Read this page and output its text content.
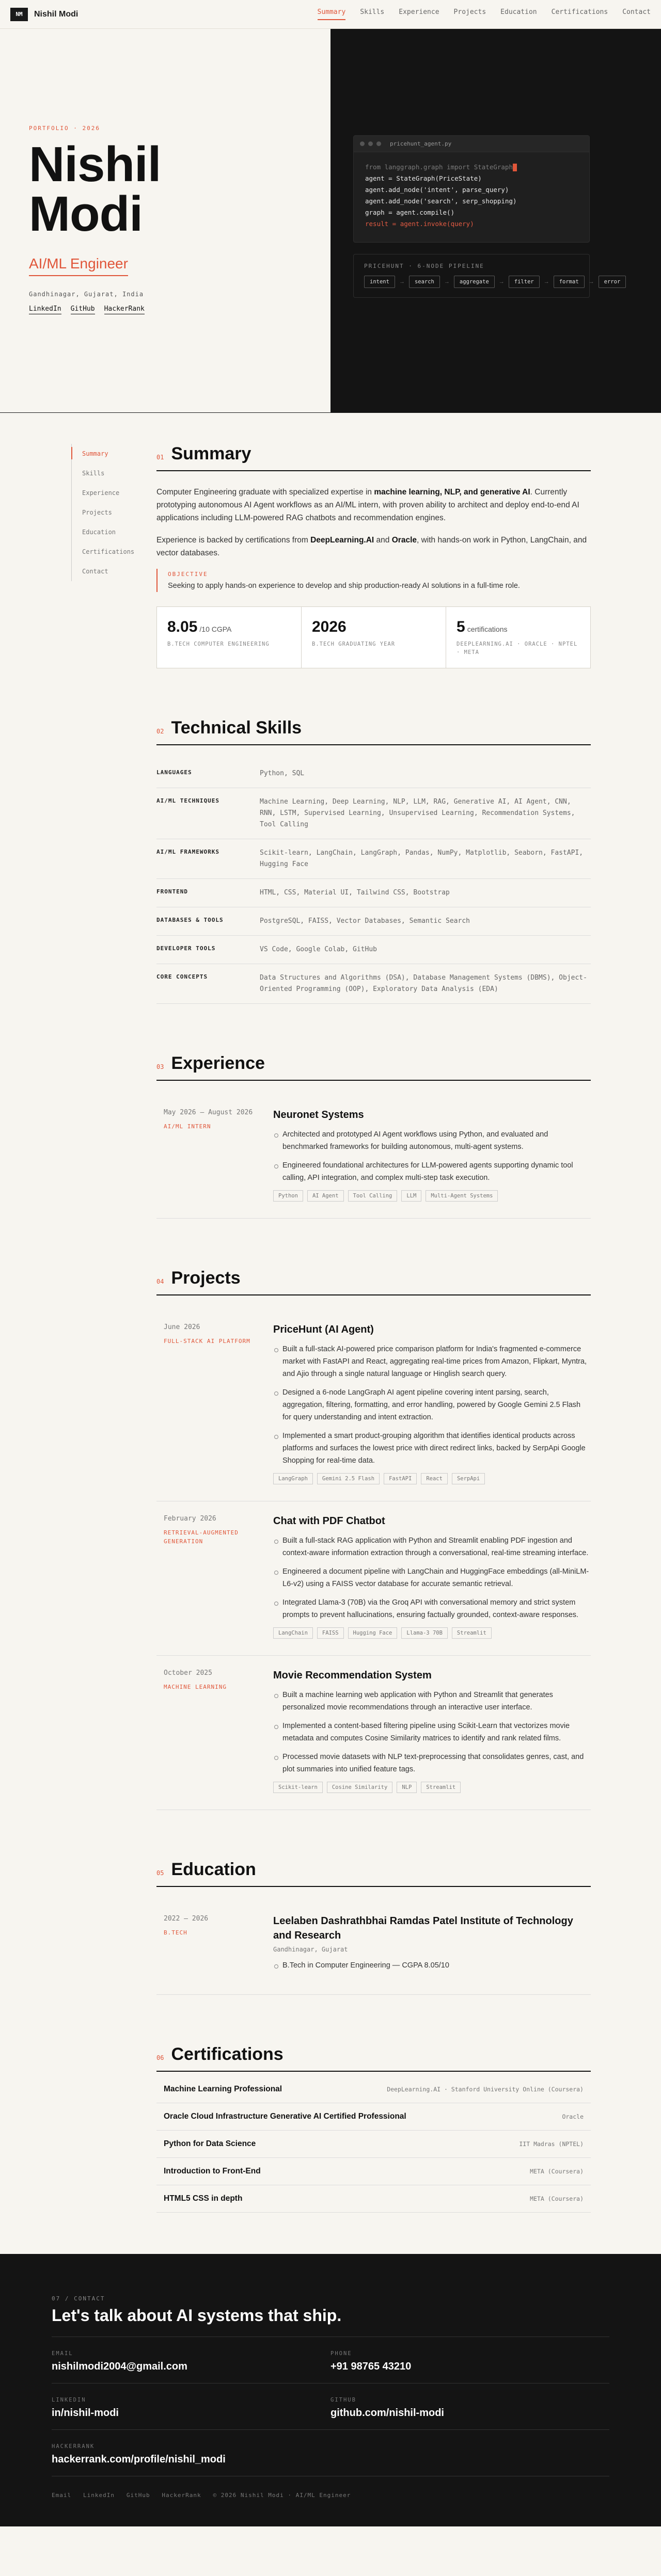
NM	Nishil Modi	Summary Skills Experience Projects Education Certifications Contact
PORTFOLIO · 2026
Nishil
Modi
AI/ML Engineer
Gandhinagar, Gujarat, India
LinkedIn GitHub HackerRank
pricehunt_agent.py
from langgraph.graph import StateGraph
agent = StateGraph(PriceState)
agent.add_node('intent', parse_query)
agent.add_node('search', serp_shopping)
graph = agent.compile()
result = agent.invoke(query)
PRICEHUNT · 6-NODE PIPELINE
intent	→	search	→	aggregate	→	filter	→	format	→	error
Summary
Skills
Experience
Projects
Education
Certifications
Contact
01 Summary

Computer Engineering graduate with specialized expertise in machine learning, NLP, and generative AI. Currently prototyping autonomous AI Agent workflows as an AI/ML intern, with proven ability to architect and deploy end-to-end AI applications including LLM-powered RAG chatbots and recommendation engines.

Experience is backed by certifications from DeepLearning.AI and Oracle, with hands-on work in Python, LangChain, and vector databases.

OBJECTIVE
Seeking to apply hands-on experience to develop and ship production-ready AI solutions in a full-time role.
8.05 /10 CGPA
B.TECH COMPUTER ENGINEERING
2026
B.TECH GRADUATING YEAR
5 certifications
DEEPLEARNING.AI · ORACLE · NPTEL · META
02 Technical Skills
LANGUAGES	Python, SQL
AI/ML TECHNIQUES	Machine Learning, Deep Learning, NLP, LLM, RAG, Generative AI, AI Agent, CNN, RNN, LSTM, Supervised Learning, Unsupervised Learning, Recommendation Systems, Tool Calling
AI/ML FRAMEWORKS	Scikit-learn, LangChain, LangGraph, Pandas, NumPy, Matplotlib, Seaborn, FastAPI, Hugging Face
FRONTEND	HTML, CSS, Material UI, Tailwind CSS, Bootstrap
DATABASES & TOOLS	PostgreSQL, FAISS, Vector Databases, Semantic Search
DEVELOPER TOOLS	VS Code, Google Colab, GitHub
CORE CONCEPTS	Data Structures and Algorithms (DSA), Database Management Systems (DBMS), Object-Oriented Programming (OOP), Exploratory Data Analysis (EDA)
03 Experience
May 2026 — August 2026
AI/ML INTERN
Neuronet Systems
Architected and prototyped AI Agent workflows using Python, and evaluated and benchmarked frameworks for building autonomous, multi-agent systems.
Engineered foundational architectures for LLM-powered agents supporting dynamic tool calling, API integration, and complex multi-step task execution.
Python	AI Agent	Tool Calling	LLM	Multi-Agent Systems
04 Projects
June 2026
FULL-STACK AI PLATFORM
PriceHunt (AI Agent)
Built a full-stack AI-powered price comparison platform for India's fragmented e-commerce market with FastAPI and React, aggregating real-time prices from Amazon, Flipkart, Myntra, and Ajio through a single natural language or Hinglish search query.
Designed a 6-node LangGraph AI agent pipeline covering intent parsing, search, aggregation, filtering, formatting, and error handling, powered by Google Gemini 2.5 Flash for query understanding and intent extraction.
Implemented a smart product-grouping algorithm that identifies identical products across platforms and surfaces the lowest price with direct redirect links, backed by SerpApi Google Shopping for real-time data.
LangGraph	Gemini 2.5 Flash	FastAPI	React	SerpApi
February 2026
RETRIEVAL-AUGMENTED GENERATION
Chat with PDF Chatbot
Built a full-stack RAG application with Python and Streamlit enabling PDF ingestion and context-aware information extraction through a conversational, real-time streaming interface.
Engineered a document pipeline with LangChain and HuggingFace embeddings (all-MiniLM-L6-v2) using a FAISS vector database for accurate semantic retrieval.
Integrated Llama-3 (70B) via the Groq API with conversational memory and strict system prompts to prevent hallucinations, ensuring factually grounded, context-aware responses.
LangChain	FAISS	Hugging Face	Llama-3 70B	Streamlit
October 2025
MACHINE LEARNING
Movie Recommendation System
Built a machine learning web application with Python and Streamlit that generates personalized movie recommendations through an interactive user interface.
Implemented a content-based filtering pipeline using Scikit-Learn that vectorizes movie metadata and computes Cosine Similarity matrices to identify and rank related films.
Processed movie datasets with NLP text-preprocessing that consolidates genres, cast, and plot summaries into unified feature tags.
Scikit-learn	Cosine Similarity	NLP	Streamlit
05 Education
2022 — 2026
B.TECH
Leelaben Dashrathbhai Ramdas Patel Institute of Technology and Research
Gandhinagar, Gujarat
B.Tech in Computer Engineering — CGPA 8.05/10
06 Certifications
Machine Learning Professional	DeepLearning.AI · Stanford University Online (Coursera)
Oracle Cloud Infrastructure Generative AI Certified Professional	Oracle
Python for Data Science	IIT Madras (NPTEL)
Introduction to Front-End	META (Coursera)
HTML5 CSS in depth	META (Coursera)
07 / CONTACT
Let's talk about AI systems that ship.
EMAIL
nishilmodi2004@gmail.com
PHONE
+91 98765 43210
LINKEDIN
in/nishil-modi
GITHUB
github.com/nishil-modi
HACKERRANK
hackerrank.com/profile/nishil_modi
Email   LinkedIn   GitHub   HackerRank   © 2026 Nishil Modi · AI/ML Engineer
